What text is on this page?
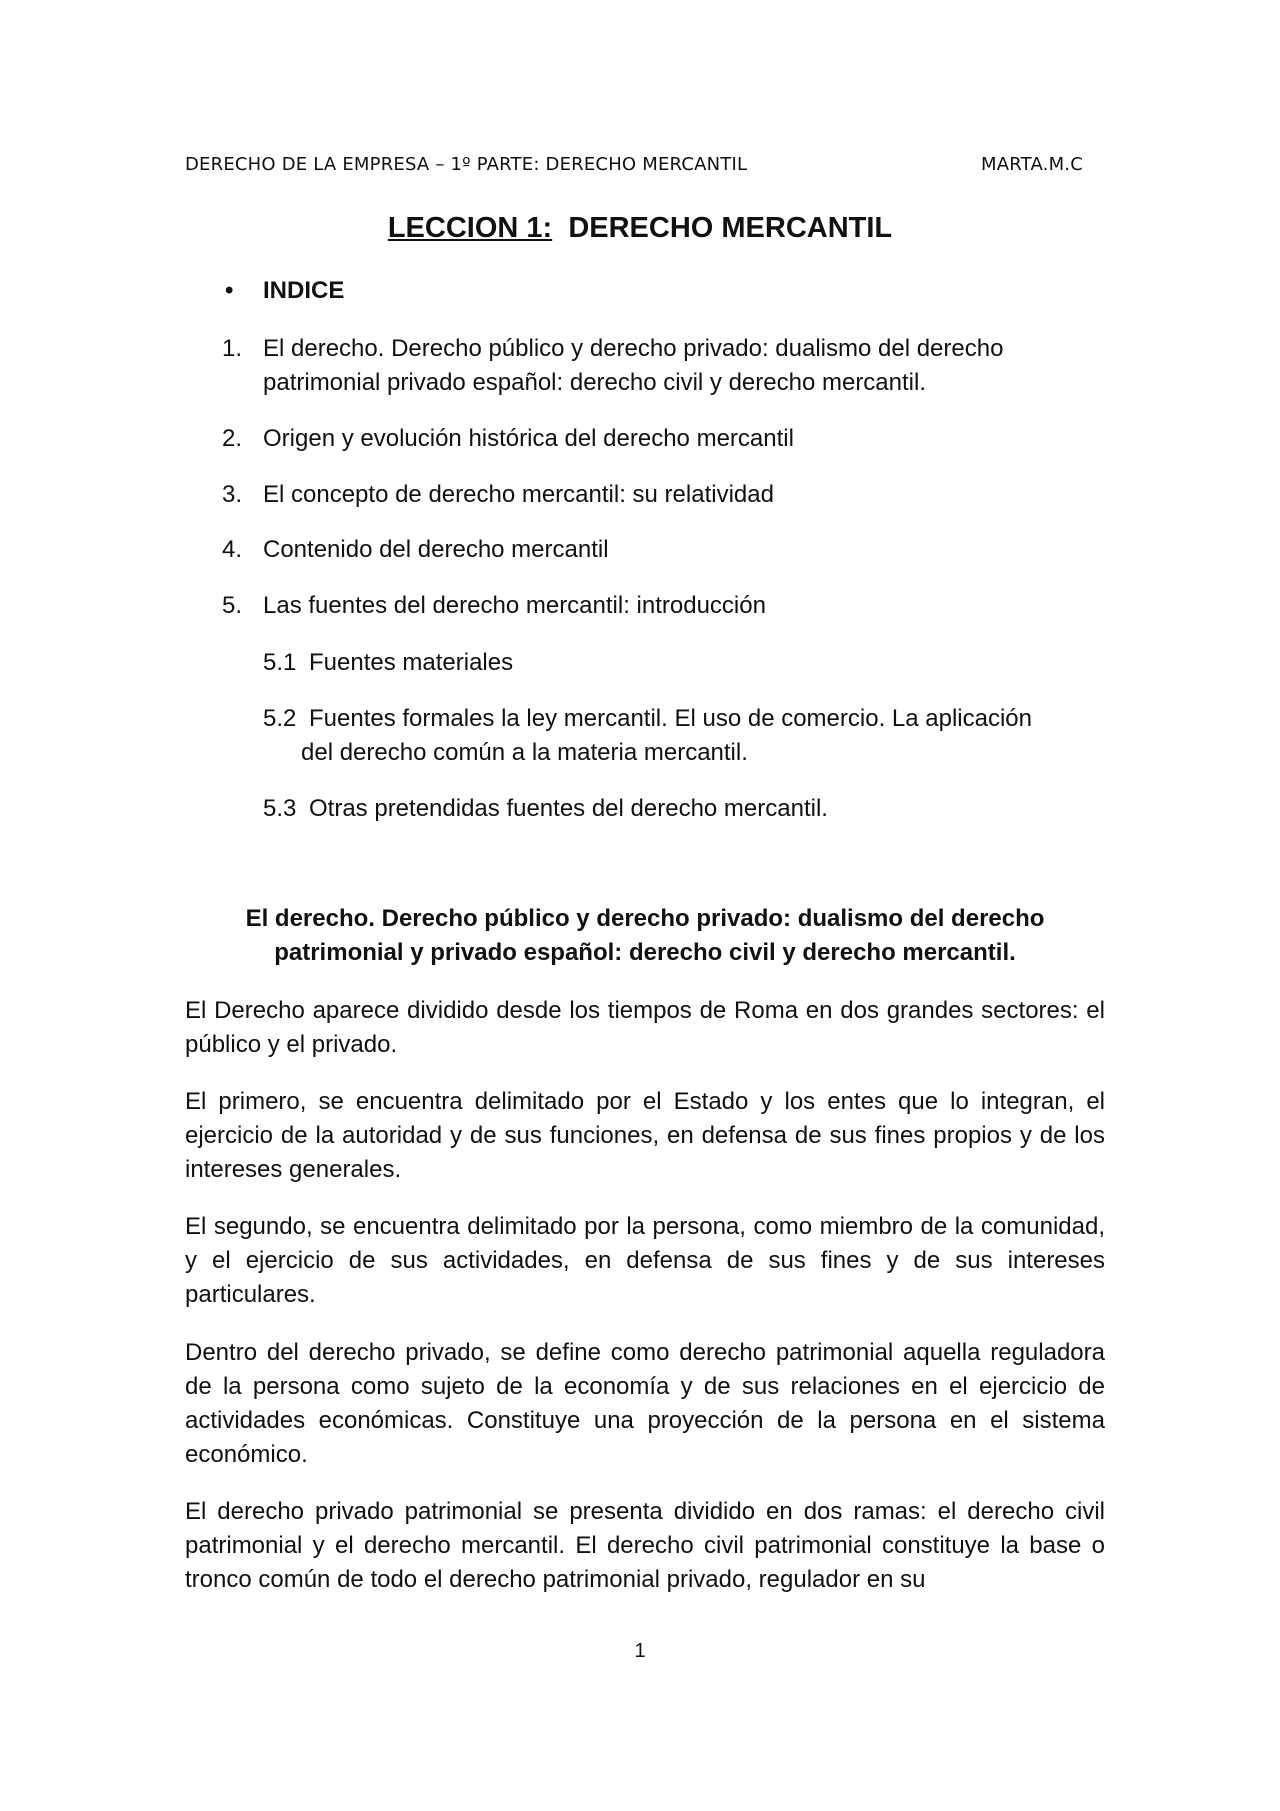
DERECHO DE LA EMPRESA – 1º PARTE: DERECHO MERCANTIL	MARTA.M.C
LECCION 1: DERECHO MERCANTIL
• INDICE
1. El derecho. Derecho público y derecho privado: dualismo del derecho patrimonial privado español: derecho civil y derecho mercantil.
2. Origen y evolución histórica del derecho mercantil
3. El concepto de derecho mercantil: su relatividad
4. Contenido del derecho mercantil
5. Las fuentes del derecho mercantil: introducción
5.1 Fuentes materiales
5.2 Fuentes formales la ley mercantil. El uso de comercio. La aplicación
del derecho común a la materia mercantil.
5.3 Otras pretendidas fuentes del derecho mercantil.
El derecho. Derecho público y derecho privado: dualismo del derecho patrimonial y privado español: derecho civil y derecho mercantil.

El Derecho aparece dividido desde los tiempos de Roma en dos grandes sectores: el público y el privado.

El primero, se encuentra delimitado por el Estado y los entes que lo integran, el ejercicio de la autoridad y de sus funciones, en defensa de sus fines propios y de los intereses generales.

El segundo, se encuentra delimitado por la persona, como miembro de la comunidad, y el ejercicio de sus actividades, en defensa de sus fines y de sus intereses particulares.

Dentro del derecho privado, se define como derecho patrimonial aquella reguladora de la persona como sujeto de la economía y de sus relaciones en el ejercicio de actividades económicas. Constituye una proyección de la persona en el sistema económico.

El derecho privado patrimonial se presenta dividido en dos ramas: el derecho civil patrimonial y el derecho mercantil. El derecho civil patrimonial constituye la base o tronco común de todo el derecho patrimonial privado, regulador en su

1
